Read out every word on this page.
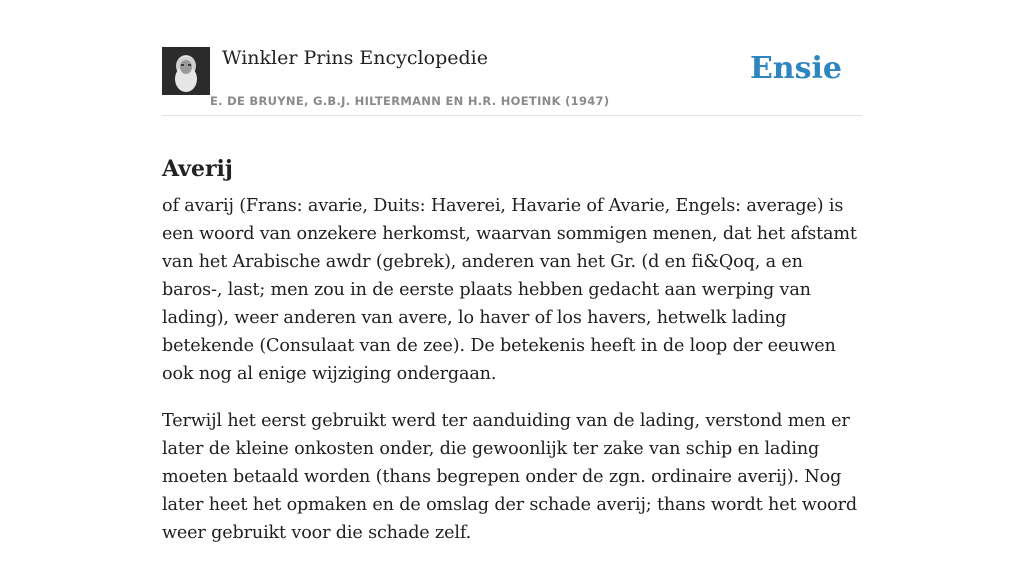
Winkler Prins Encyclopedie
E. DE BRUYNE, G.B.J. HILTERMANN EN H.R. HOETINK (1947)
Ensie
Averij

of avarij (Frans: avarie, Duits: Haverei, Havarie of Avarie, Engels: average) is een woord van onzekere herkomst, waarvan sommigen menen, dat het afstamt van het Arabische awdr (gebrek), anderen van het Gr. (d en fi&Qoq, a en baros-, last; men zou in de eerste plaats hebben gedacht aan werping van lading), weer anderen van avere, lo haver of los havers, hetwelk lading betekende (Consulaat van de zee). De betekenis heeft in de loop der eeuwen ook nog al enige wijziging ondergaan.

Terwijl het eerst gebruikt werd ter aanduiding van de lading, verstond men er later de kleine onkosten onder, die gewoonlijk ter zake van schip en lading moeten betaald worden (thans begrepen onder de zgn. ordinaire averij). Nog later heet het opmaken en de omslag der schade averij; thans wordt het woord weer gebruikt voor die schade zelf.
